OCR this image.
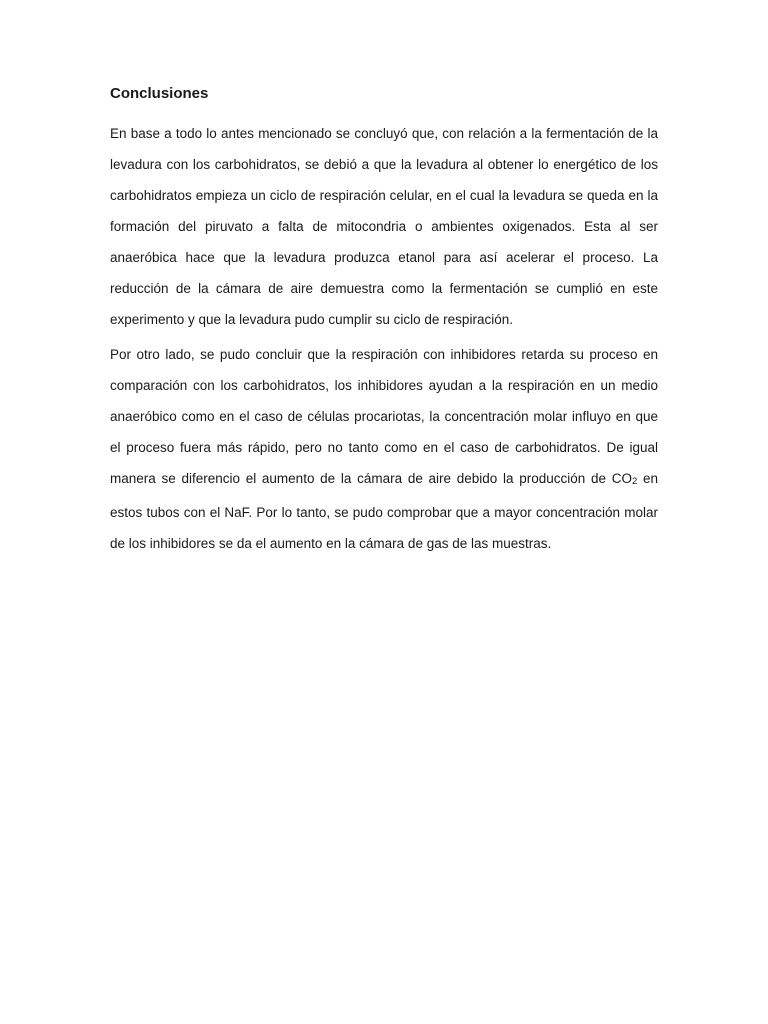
Conclusiones

En base a todo lo antes mencionado se concluyó que, con relación a la fermentación de la levadura con los carbohidratos, se debió a que la levadura al obtener lo energético de los carbohidratos empieza un ciclo de respiración celular, en el cual la levadura se queda en la formación del piruvato a falta de mitocondria o ambientes oxigenados. Esta al ser anaeróbica hace que la levadura produzca etanol para así acelerar el proceso. La reducción de la cámara de aire demuestra como la fermentación se cumplió en este experimento y que la levadura pudo cumplir su ciclo de respiración.

Por otro lado, se pudo concluir que la respiración con inhibidores retarda su proceso en comparación con los carbohidratos, los inhibidores ayudan a la respiración en un medio anaeróbico como en el caso de células procariotas, la concentración molar influyo en que el proceso fuera más rápido, pero no tanto como en el caso de carbohidratos. De igual manera se diferencio el aumento de la cámara de aire debido la producción de $CO_2$ en estos tubos con el NaF. Por lo tanto, se pudo comprobar que a mayor concentración molar de los inhibidores se da el aumento en la cámara de gas de las muestras.
